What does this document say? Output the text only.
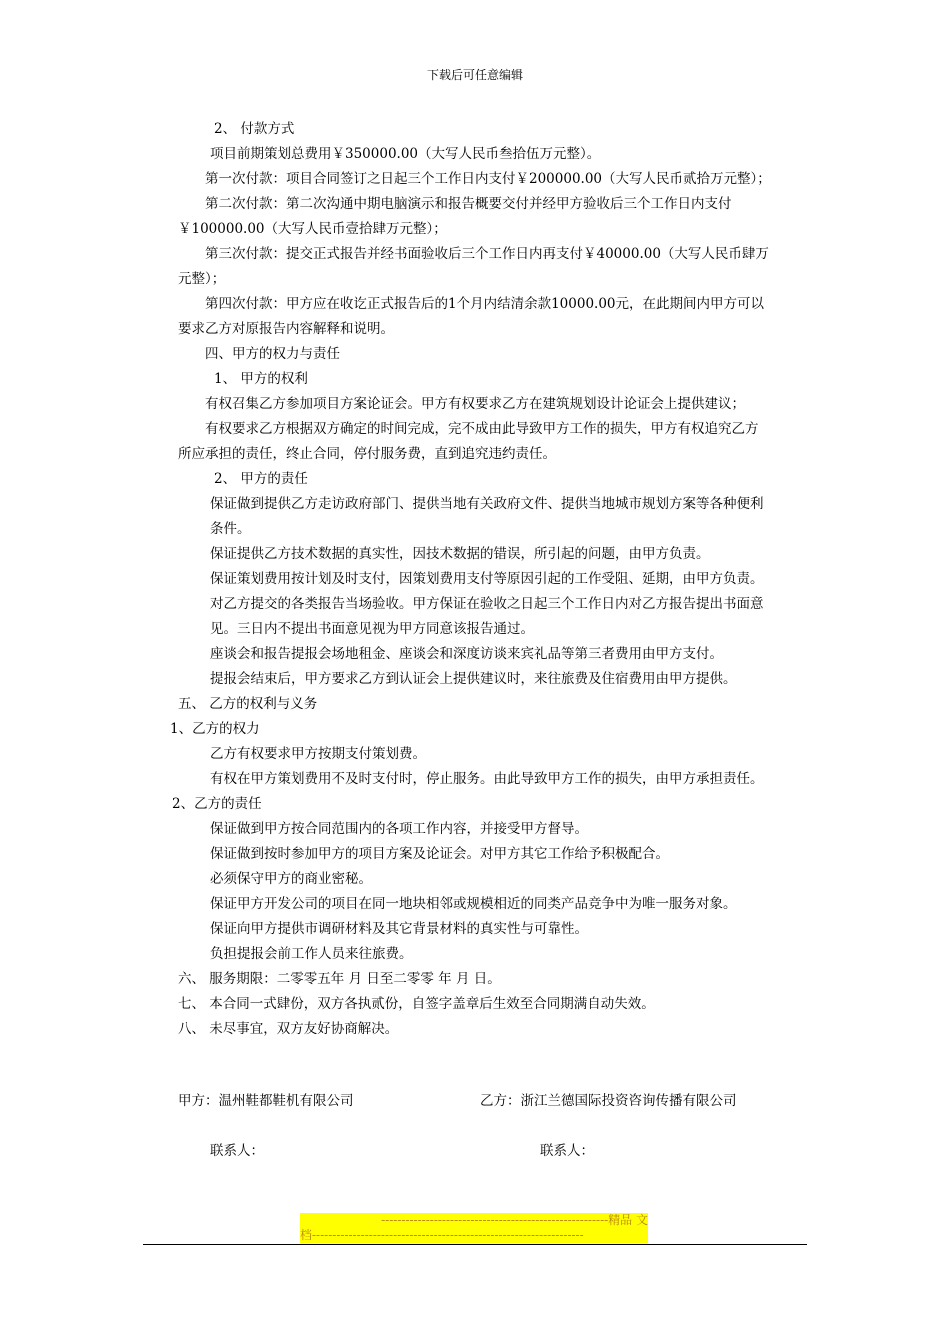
下载后可任意编辑
2、 付款方式
项目前期策划总费用￥350000.00（大写人民币叁拾伍万元整）。
第一次付款：项目合同签订之日起三个工作日内支付￥200000.00（大写人民币贰拾万元整）；
第二次付款：第二次沟通中期电脑演示和报告概要交付并经甲方验收后三个工作日内支付
￥100000.00（大写人民币壹拾肆万元整）；
第三次付款：提交正式报告并经书面验收后三个工作日内再支付￥40000.00（大写人民币肆万
元整）；
第四次付款：甲方应在收讫正式报告后的1个月内结清余款10000.00元，在此期间内甲方可以
要求乙方对原报告内容解释和说明。
四、甲方的权力与责任
1、 甲方的权利
有权召集乙方参加项目方案论证会。甲方有权要求乙方在建筑规划设计论证会上提供建议；
有权要求乙方根据双方确定的时间完成，完不成由此导致甲方工作的损失，甲方有权追究乙方
所应承担的责任，终止合同，停付服务费，直到追究违约责任。
2、 甲方的责任
保证做到提供乙方走访政府部门、提供当地有关政府文件、提供当地城市规划方案等各种便利
条件。
保证提供乙方技术数据的真实性，因技术数据的错误，所引起的问题，由甲方负责。
保证策划费用按计划及时支付，因策划费用支付等原因引起的工作受阻、延期，由甲方负责。
对乙方提交的各类报告当场验收。甲方保证在验收之日起三个工作日内对乙方报告提出书面意
见。三日内不提出书面意见视为甲方同意该报告通过。
座谈会和报告提报会场地租金、座谈会和深度访谈来宾礼品等第三者费用由甲方支付。
提报会结束后，甲方要求乙方到认证会上提供建议时，来往旅费及住宿费用由甲方提供。
五、 乙方的权利与义务
1、乙方的权力
乙方有权要求甲方按期支付策划费。
有权在甲方策划费用不及时支付时，停止服务。由此导致甲方工作的损失，由甲方承担责任。
2、乙方的责任
保证做到甲方按合同范围内的各项工作内容，并接受甲方督导。
保证做到按时参加甲方的项目方案及论证会。对甲方其它工作给予积极配合。
必须保守甲方的商业密秘。
保证甲方开发公司的项目在同一地块相邻或规模相近的同类产品竞争中为唯一服务对象。
保证向甲方提供市调研材料及其它背景材料的真实性与可靠性。
负担提报会前工作人员来往旅费。
六、 服务期限：二零零五年 月 日至二零零 年 月 日。
七、 本合同一式肆份，双方各执贰份，自签字盖章后生效至合同期满自动失效。
八、 未尽事宜，双方友好协商解决。
甲方：温州鞋都鞋机有限公司	乙方：浙江兰德国际投资咨询传播有限公司
联系人：	联系人：
--------------------------------------------------------精品 文
档-------------------------------------------------------------------
